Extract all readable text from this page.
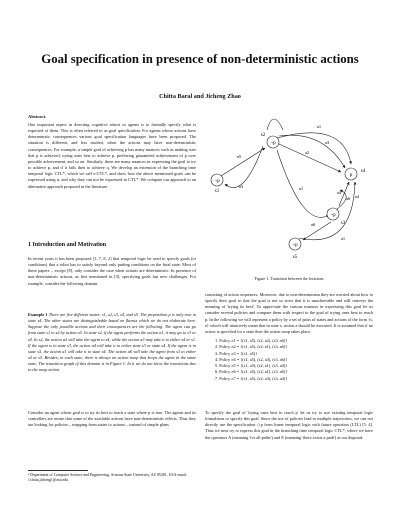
Goal specification in presence of non-deterministic actions
Chitta Baral and Jicheng Zhao
Abstract.
One important aspect in directing cognitive robots or agents is to formally specify what is expected of them. This is often referred to as goal specification. For agents whose actions have deterministic consequences various goal specification languages have been proposed. The situation is different, and less studied, when the actions may have non-deterministic consequences. For example, a simple goal of achieving p has many nuances such as making sure that p is achieved, trying ones best to achieve p, preferring guaranteed achievement of p over possible achievement, and so on. Similarly, there are many nuances in expressing the goal to try to achieve p, and if it fails then to achieve q. We develop an extension of the branching time temporal logic CTL*, which we call π-CTL*, and show how the above mentioned goals can be expressed using it, and why they can not be expressed in CTL*. We compare our approach to an alternative approach proposed in the literature.
1 Introduction and Motivation
In recent years it has been proposed [1, 7, 8, 2] that temporal logic be used to specify goals (or conditions) that a robot has to satisfy beyond only putting conditions on the final state. Most of these papers – except [8], only consider the case when actions are deterministic. In presence of non-deterministic actions, as first mentioned in [3], specifying goals has new challenges. For example, consider the following domain.
Example 1 There are five different states: s1, s2, s3, s4, and s5. The proposition p is only true in state s4. The other states are distinguishable based on fluents which we do not elaborate here. Suppose the only possible actions and their consequences are the following. The agent can go from state s1 to s2 by action a5. In state s2, if the agent performs the action a1, it may go to s3 or s4. In s2, the action a2 will take the agent to s4, while the action a3 may take it to either s4 or s1. If the agent is in state s3, the action a4 will take it to either state s3 or state s4. If the agent is in state s5, the action a1 will take it to state s4. The action a6 will take the agent from s3 to either s4 or s5. Besides, in each state, there is always an action noop that keeps the agent in the same state. The transition graph of this domain is in Figure 1. In it we do not show the transitions due to the noop action.
Consider an agent whose goal is to try its best to reach a state where p is true. The agents and its controllers are aware that some of the available actions have non-deterministic effects. Thus they are looking for policies – mapping from states to actions – instead of simple plans
¹ Department of Computer Science and Engineering, Arizona State University, AZ 85281, USA email: {chitta,jicheng}@asu.edu
¬p
s1
¬p
s2
¬p
s3
p
s4
¬p
s5
a5
a1
a1
a2
a3
a3
a4
a4
a6
a6
a1
Figure 1. Transition between the locations
consisting of action sequences. Moreover, due to non-determinism they are worried about how to specify their goal so that the goal is not so strict that it is unachievable and still conveys the meaning of 'trying its best'. To appreciate the various nuances in expressing this goal let us consider several policies and compare them with respect to the goal of trying ones best to reach p. In the following we will represent a policy by a set of pairs of states and actions of the form {s, a} which will intuitively mean that in state s, action a should be executed. It is assumed that if no action is specified for a state then the action noop takes place.
1. Policy π1 = {(s1, a5), (s2, a2), (s3, a6)}
2. Policy π2 = {(s1, a5), (s2, a1), (s3, a6)}
3. Policy π3 = {(s1, a5)}
4. Policy π4 = {(s1, a5), (s2, a3), (s3, a6)}
5. Policy π5 = {(s1, a5), (s2, a1), (s3, a4)}
6. Policy π6 = {(s1, a5), (s2, a1), (s3, a6)}
7. Policy π7 = {(s1, a5), (s2, a3), (s3, a4)}
To specify the goal of 'trying ones best to reach p' let us try to use existing temporal logic formalisms to specify this goal. Since the use of policies lead to multiple trajectories, we can not directly use the specification ◇p from linear temporal logic with future operators (LTL) [5, 4]. Thus we next try to express this goal in the branching time temporal logic CTL*, where we have the operators A (meaning 'for all paths') and E (meaning 'there exists a path') at our disposal.
